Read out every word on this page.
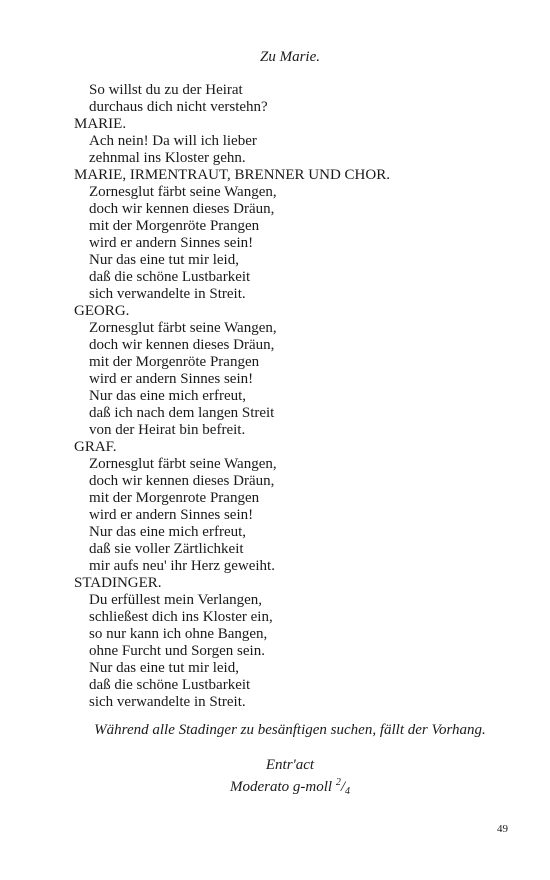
Zu Marie.
So willst du zu der Heirat
durchaus dich nicht verstehn?
MARIE.
Ach nein! Da will ich lieber
zehnmal ins Kloster gehn.
MARIE, IRMENTRAUT, BRENNER UND CHOR.
Zornesglut färbt seine Wangen,
doch wir kennen dieses Dräun,
mit der Morgenröte Prangen
wird er andern Sinnes sein!
Nur das eine tut mir leid,
daß die schöne Lustbarkeit
sich verwandelte in Streit.
GEORG.
Zornesglut färbt seine Wangen,
doch wir kennen dieses Dräun,
mit der Morgenröte Prangen
wird er andern Sinnes sein!
Nur das eine mich erfreut,
daß ich nach dem langen Streit
von der Heirat bin befreit.
GRAF.
Zornesglut färbt seine Wangen,
doch wir kennen dieses Dräun,
mit der Morgenrote Prangen
wird er andern Sinnes sein!
Nur das eine mich erfreut,
daß sie voller Zärtlichkeit
mir aufs neu' ihr Herz geweiht.
STADINGER.
Du erfüllest mein Verlangen,
schließest dich ins Kloster ein,
so nur kann ich ohne Bangen,
ohne Furcht und Sorgen sein.
Nur das eine tut mir leid,
daß die schöne Lustbarkeit
sich verwandelte in Streit.
Während alle Stadinger zu besänftigen suchen, fällt der Vorhang.
Entr'act
Moderato g-moll $^2/_4$
49
